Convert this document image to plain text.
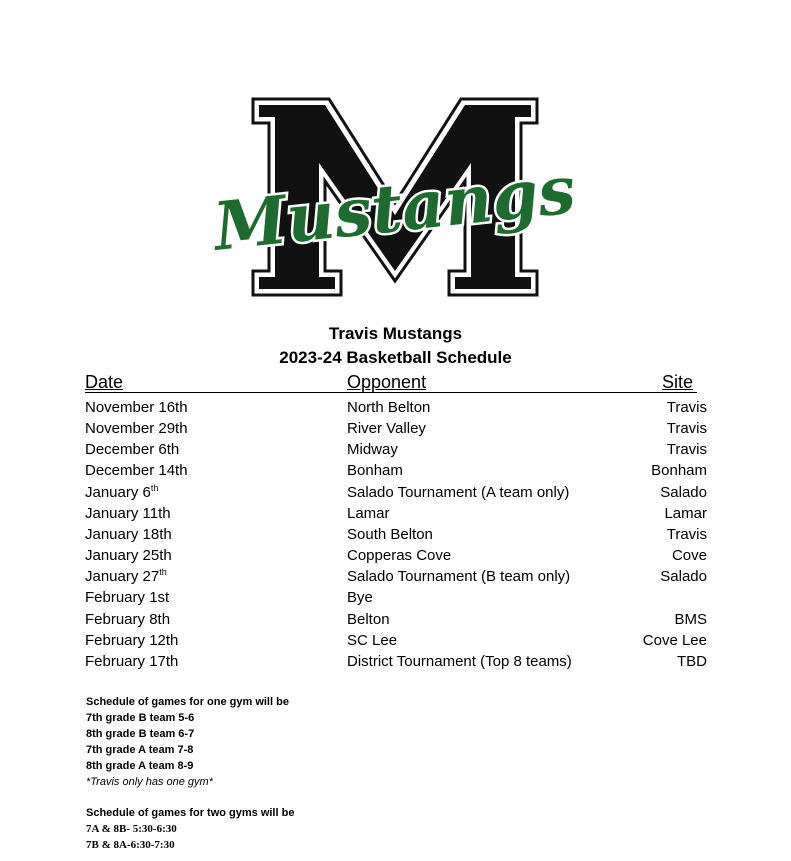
Mustangs
Travis Mustangs
2023-24 Basketball Schedule
Date	Opponent	Site
November 16th	North Belton	Travis
November 29th	River Valley	Travis
December 6th	Midway	Travis
December 14th	Bonham	Bonham
January 6th	Salado Tournament (A team only)	Salado
January 11th	Lamar	Lamar
January 18th	South Belton	Travis
January 25th	Copperas Cove	Cove
January 27th	Salado Tournament (B team only)	Salado
February 1st	Bye
February 8th	Belton	BMS
February 12th	SC Lee	Cove Lee
February 17th	District Tournament (Top 8 teams)	TBD
Schedule of games for one gym will be
7th grade B team 5-6
8th grade B team 6-7
7th grade A team 7-8
8th grade A team 8-9
*Travis only has one gym*
Schedule of games for two gyms will be
7A & 8B- 5:30-6:30
7B & 8A-6:30-7:30
